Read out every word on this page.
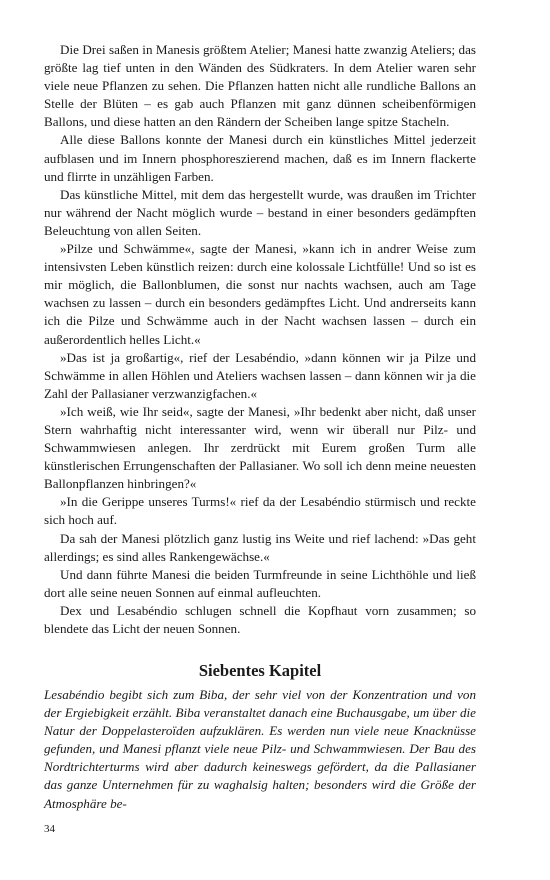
Die Drei saßen in Manesis größtem Atelier; Manesi hatte zwanzig Ateliers; das größte lag tief unten in den Wänden des Südkraters. In dem Atelier waren sehr viele neue Pflanzen zu sehen. Die Pflanzen hatten nicht alle rundliche Ballons an Stelle der Blüten – es gab auch Pflanzen mit ganz dünnen scheibenförmigen Ballons, und diese hatten an den Rändern der Scheiben lange spitze Stacheln.

Alle diese Ballons konnte der Manesi durch ein künstliches Mittel jederzeit aufblasen und im Innern phosphoreszierend machen, daß es im Innern flackerte und flirrte in unzähligen Farben.

Das künstliche Mittel, mit dem das hergestellt wurde, was draußen im Trichter nur während der Nacht möglich wurde – bestand in einer besonders gedämpften Beleuchtung von allen Seiten.

»Pilze und Schwämme«, sagte der Manesi, »kann ich in andrer Weise zum intensivsten Leben künstlich reizen: durch eine kolossale Lichtfülle! Und so ist es mir möglich, die Ballonblumen, die sonst nur nachts wachsen, auch am Tage wachsen zu lassen – durch ein besonders gedämpftes Licht. Und andrerseits kann ich die Pilze und Schwämme auch in der Nacht wachsen lassen – durch ein außerordentlich helles Licht.«

»Das ist ja großartig«, rief der Lesabéndio, »dann können wir ja Pilze und Schwämme in allen Höhlen und Ateliers wachsen lassen – dann können wir ja die Zahl der Pallasianer verzwanzigfachen.«

»Ich weiß, wie Ihr seid«, sagte der Manesi, »Ihr bedenkt aber nicht, daß unser Stern wahrhaftig nicht interessanter wird, wenn wir überall nur Pilz- und Schwammwiesen anlegen. Ihr zerdrückt mit Eurem großen Turm alle künstlerischen Errungenschaften der Pallasianer. Wo soll ich denn meine neuesten Ballonpflanzen hinbringen?«

»In die Gerippe unseres Turms!« rief da der Lesabéndio stürmisch und reckte sich hoch auf.

Da sah der Manesi plötzlich ganz lustig ins Weite und rief lachend: »Das geht allerdings; es sind alles Rankengewächse.«

Und dann führte Manesi die beiden Turmfreunde in seine Lichthöhle und ließ dort alle seine neuen Sonnen auf einmal aufleuchten.

Dex und Lesabéndio schlugen schnell die Kopfhaut vorn zusammen; so blendete das Licht der neuen Sonnen.

Siebentes Kapitel

Lesabéndio begibt sich zum Biba, der sehr viel von der Konzentration und von der Ergiebigkeit erzählt. Biba veranstaltet danach eine Buchausgabe, um über die Natur der Doppelasteroïden aufzuklären. Es werden nun viele neue Knacknüsse gefunden, und Manesi pflanzt viele neue Pilz- und Schwammwiesen. Der Bau des Nordtrichterturms wird aber dadurch keineswegs gefördert, da die Pallasianer das ganze Unternehmen für zu waghalsig halten; besonders wird die Größe der Atmosphäre be-

34
